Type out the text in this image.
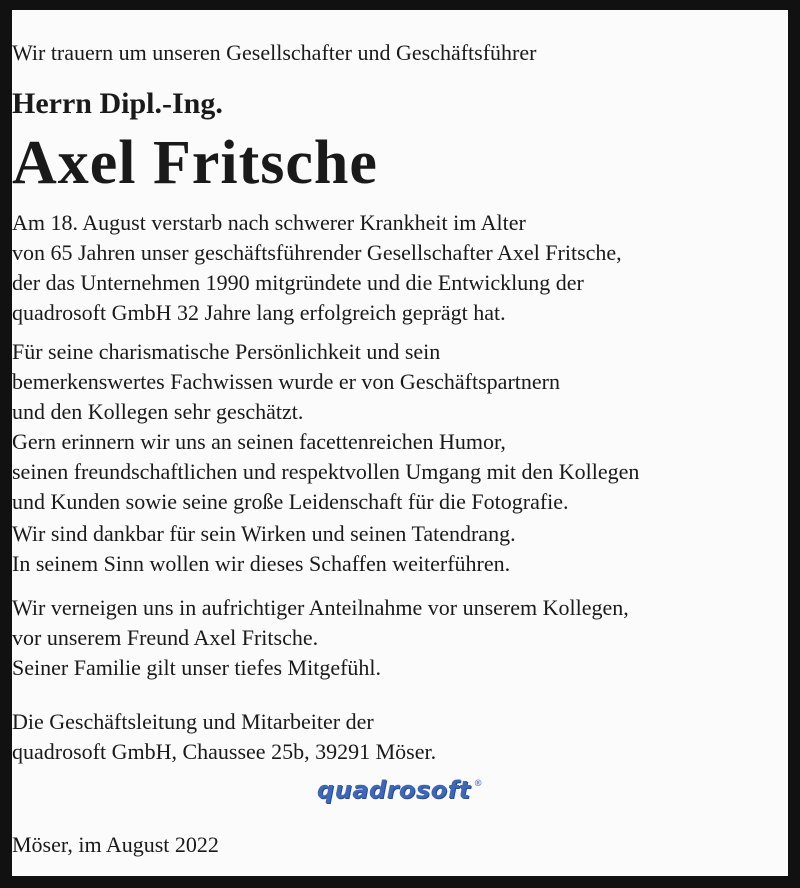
Wir trauern um unseren Gesellschafter und Geschäftsführer
Herrn Dipl.-Ing.
Axel Fritsche
Am 18. August verstarb nach schwerer Krankheit im Alter
von 65 Jahren unser geschäftsführender Gesellschafter Axel Fritsche,
der das Unternehmen 1990 mitgründete und die Entwicklung der
quadrosoft GmbH 32 Jahre lang erfolgreich geprägt hat.
Für seine charismatische Persönlichkeit und sein
bemerkenswertes Fachwissen wurde er von Geschäftspartnern
und den Kollegen sehr geschätzt.
Gern erinnern wir uns an seinen facettenreichen Humor,
seinen freundschaftlichen und respektvollen Umgang mit den Kollegen
und Kunden sowie seine große Leidenschaft für die Fotografie.
Wir sind dankbar für sein Wirken und seinen Tatendrang.
In seinem Sinn wollen wir dieses Schaffen weiterführen.
Wir verneigen uns in aufrichtiger Anteilnahme vor unserem Kollegen,
vor unserem Freund Axel Fritsche.
Seiner Familie gilt unser tiefes Mitgefühl.
Die Geschäftsleitung und Mitarbeiter der
quadrosoft GmbH, Chaussee 25b, 39291 Möser.
quadrosoft ®
Möser, im August 2022
